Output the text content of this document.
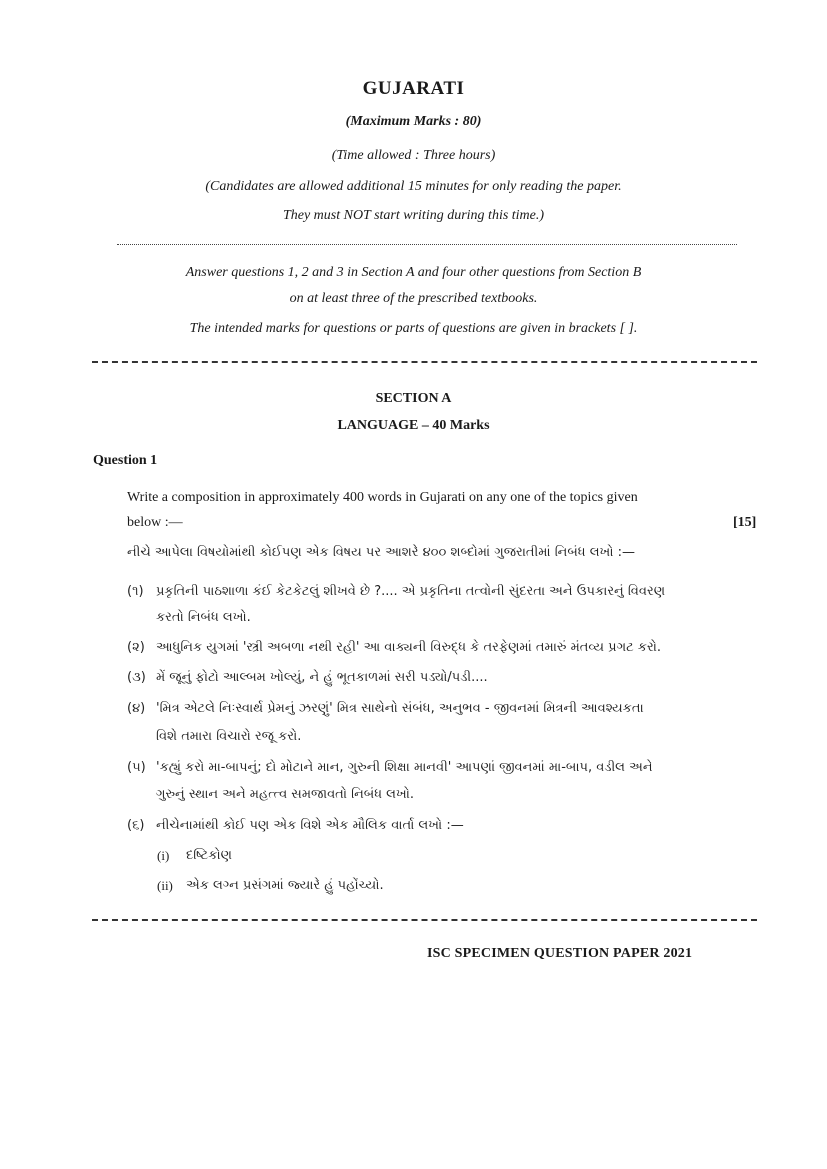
GUJARATI
(Maximum Marks : 80)
(Time allowed : Three hours)
(Candidates are allowed additional 15 minutes for only reading the paper.
They must NOT start writing during this time.)
Answer questions 1, 2 and 3 in Section A and four other questions from Section B
on at least three of the prescribed textbooks.
The intended marks for questions or parts of questions are given in brackets [ ].
SECTION A
LANGUAGE – 40 Marks
Question 1
Write a composition in approximately 400 words in Gujarati on any one of the topics given
below :—	[15]
નીચે આપેલા વિષયોમાંથી કોઈપણ એક વિષય પર આશરે ૪૦૦ શબ્દોમાં ગુજરાતીમાં નિબંધ લખો :—
(૧) પ્રકૃતિની પાઠશાળા કંઈ કેટકેટલું શીખવે છે ?.... એ પ્રકૃતિના તત્વોની સુંદરતા અને ઉપકારનું વિવરણ
કરતો નિબંધ લખો.
(૨) આધુનિક યુગમાં 'સ્ત્રી અબળા નથી રહી' આ વાક્યની વિરુદ્ધ કે તરફેણમાં તમારું મંતવ્ય પ્રગટ કરો.
(૩) મેં જૂનું ફોટો આલ્બમ ખોલ્યું, ને હું ભૂતકાળમાં સરી પડ્યો/પડી....
(૪) 'મિત્ર એટલે નિઃસ્વાર્થ પ્રેમનું ઝરણું' મિત્ર સાથેનો સંબંધ, અનુભવ - જીવનમાં મિત્રની આવશ્યકતા
વિશે તમારા વિચારો રજૂ કરો.
(૫) 'કહ્યું કરો મા-બાપનું; દો મોટાને માન, ગુરુની શિક્ષા માનવી' આપણાં જીવનમાં મા-બાપ, વડીલ અને
ગુરુનું સ્થાન અને મહત્ત્વ સમજાવતો નિબંધ લખો.
(૬) નીચેનામાંથી કોઈ પણ એક વિશે એક મૌલિક વાર્તા લખો :—
(i) દષ્ટિકોણ
(ii) એક લગ્ન પ્રસંગમાં જ્યારે હું પહોંચ્યો.
ISC SPECIMEN QUESTION PAPER 2021
